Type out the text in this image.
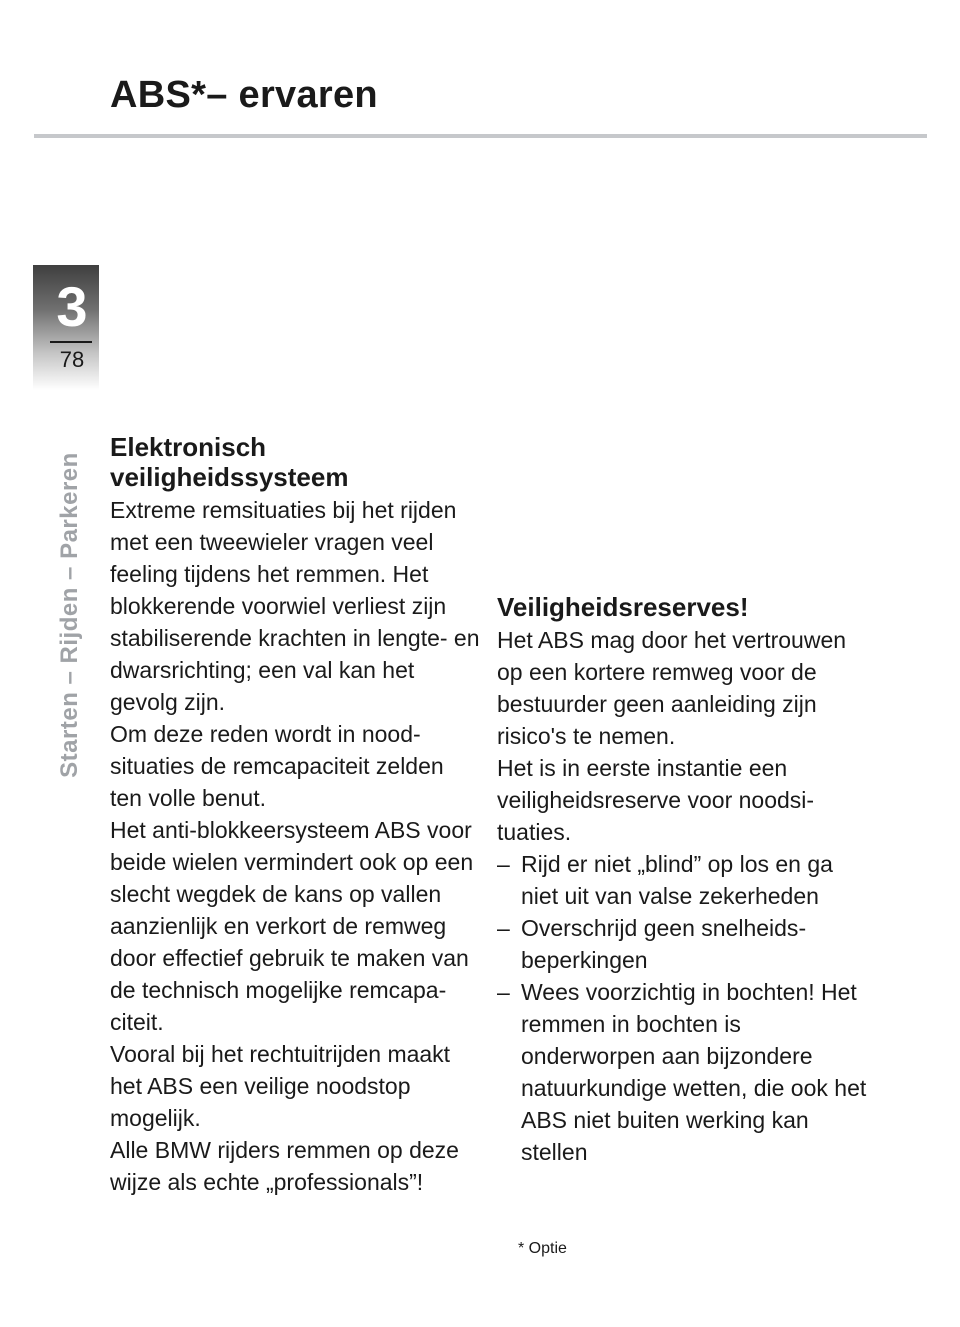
ABS*– ervaren
3
78
Starten – Rijden – Parkeren
Elektronisch veiligheidssysteem

Extreme remsituaties bij het rijden met een tweewieler vragen veel feeling tijdens het remmen. Het blokkerende voorwiel verliest zijn stabiliserende krachten in lengte- en dwarsrichting; een val kan het gevolg zijn.

Om deze reden wordt in noodsituaties de remcapaciteit zelden ten volle benut.

Het anti-blokkeersysteem ABS voor beide wielen vermindert ook op een slecht wegdek de kans op vallen aanzienlijk en verkort de remweg door effectief gebruik te maken van de technisch mogelijke remcapaciteit.

Vooral bij het rechtuitrijden maakt het ABS een veilige noodstop mogelijk.

Alle BMW rijders remmen op deze wijze als echte „professionals”!

Veiligheidsreserves!

Het ABS mag door het vertrouwen op een kortere remweg voor de bestuurder geen aanleiding zijn risico's te nemen.

Het is in eerste instantie een veiligheidsreserve voor noodsituaties.

– Rijd er niet „blind” op los en ga niet uit van valse zekerheden
– Overschrijd geen snelheidsbeperkingen
– Wees voorzichtig in bochten! Het remmen in bochten is onderworpen aan bijzondere natuurkundige wetten, die ook het ABS niet buiten werking kan stellen
* Optie
